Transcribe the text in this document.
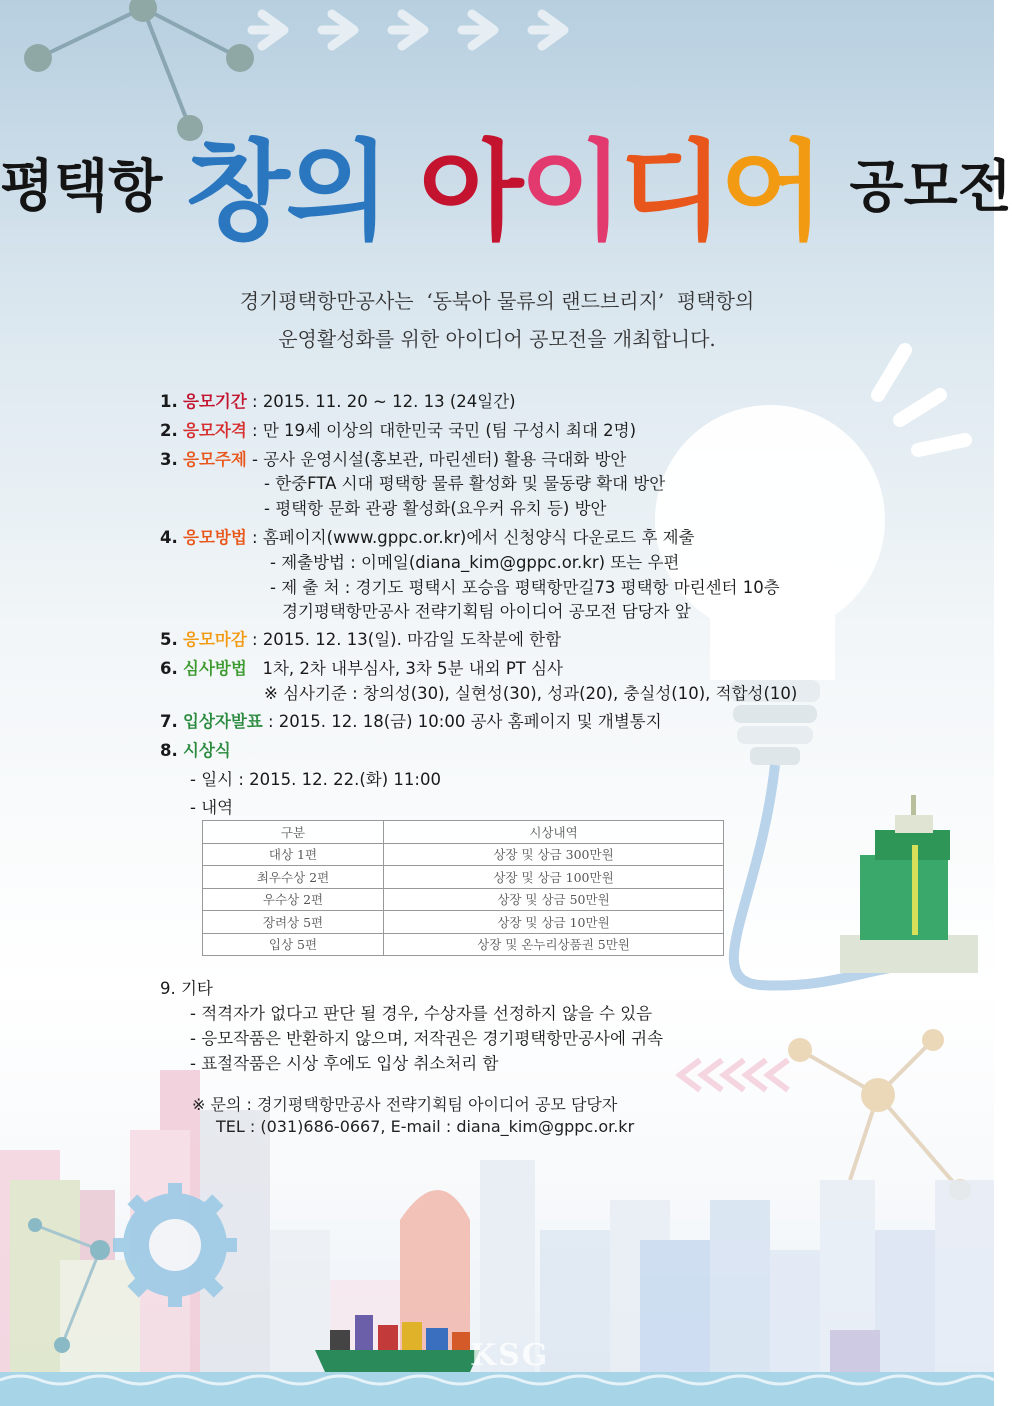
평택항 창의 아이디어 공모전
경기평택항만공사는  ‘동북아 물류의 랜드브리지’  평택항의
운영활성화를 위한 아이디어 공모전을 개최합니다.
1. 응모기간 : 2015. 11. 20 ~ 12. 13 (24일간)
2. 응모자격 : 만 19세 이상의 대한민국 국민 (팀 구성시 최대 2명)
3. 응모주제 - 공사 운영시설(홍보관, 마린센터) 활용 극대화 방안
- 한중FTA 시대 평택항 물류 활성화 및 물동량 확대 방안
- 평택항 문화 관광 활성화(요우커 유치 등) 방안
4. 응모방법 : 홈페이지(www.gppc.or.kr)에서 신청양식 다운로드 후 제출
- 제출방법 : 이메일(diana_kim@gppc.or.kr) 또는 우편
- 제 출 처 : 경기도 평택시 포승읍 평택항만길73 평택항 마린센터 10층
경기평택항만공사 전략기획팀 아이디어 공모전 담당자 앞
5. 응모마감 : 2015. 12. 13(일). 마감일 도착분에 한함
6. 심사방법   1차, 2차 내부심사, 3차 5분 내외 PT 심사
※ 심사기준 : 창의성(30), 실현성(30), 성과(20), 충실성(10), 적합성(10)
7. 입상자발표 : 2015. 12. 18(금) 10:00 공사 홈페이지 및 개별통지
8. 시상식
- 일시 : 2015. 12. 22.(화) 11:00
- 내역
구분	시상내역
대상 1편	상장 및 상금 300만원
최우수상 2편	상장 및 상금 100만원
우수상 2편	상장 및 상금 50만원
장려상 5편	상장 및 상금 10만원
입상 5편	상장 및 온누리상품권 5만원
9. 기타
- 적격자가 없다고 판단 될 경우, 수상자를 선정하지 않을 수 있음
- 응모작품은 반환하지 않으며, 저작권은 경기평택항만공사에 귀속
- 표절작품은 시상 후에도 입상 취소처리 함
※ 문의 : 경기평택항만공사 전략기획팀 아이디어 공모 담당자
TEL : (031)686-0667, E-mail : diana_kim@gppc.or.kr
KSG
